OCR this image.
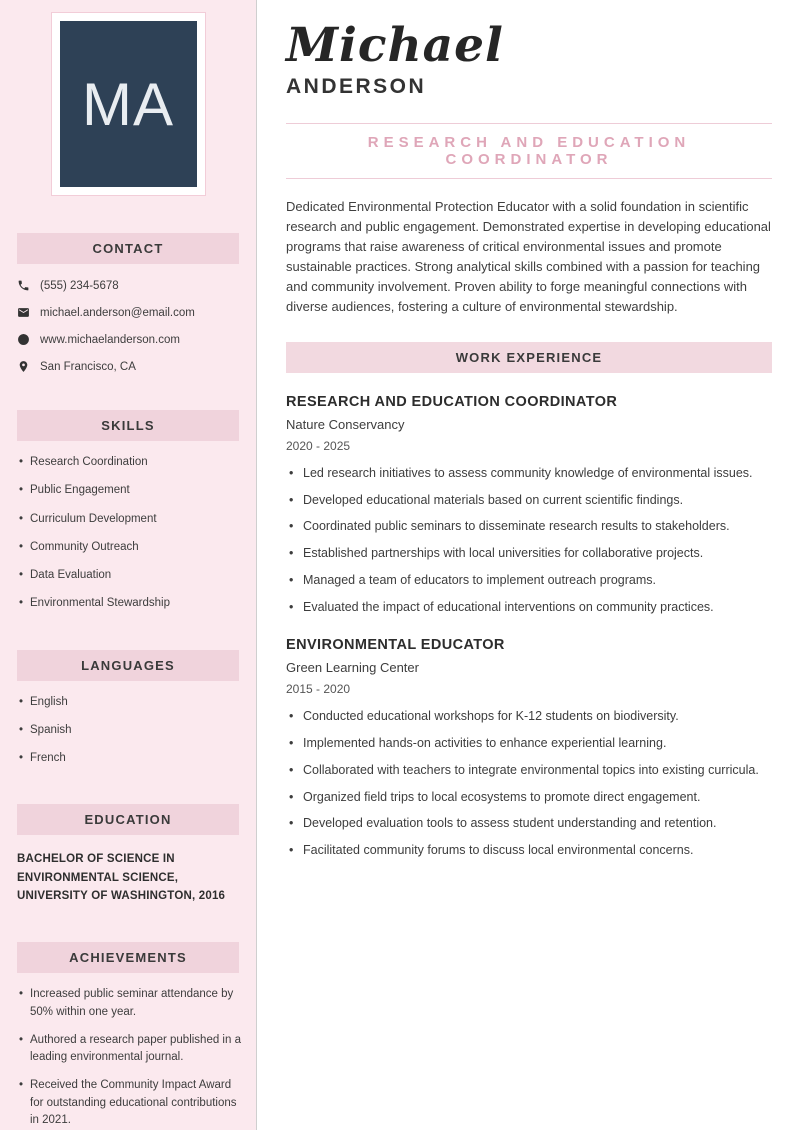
MA
CONTACT
(555) 234-5678
michael.anderson@email.com
www.michaelanderson.com
San Francisco, CA
SKILLS
• Research Coordination
• Public Engagement
• Curriculum Development
• Community Outreach
• Data Evaluation
• Environmental Stewardship
LANGUAGES
• English
• Spanish
• French
EDUCATION
BACHELOR OF SCIENCE IN ENVIRONMENTAL SCIENCE, UNIVERSITY OF WASHINGTON, 2016
ACHIEVEMENTS
• Increased public seminar attendance by 50% within one year.
• Authored a research paper published in a leading environmental journal.
• Received the Community Impact Award for outstanding educational contributions in 2021.
Michael
ANDERSON
RESEARCH AND EDUCATION COORDINATOR

Dedicated Environmental Protection Educator with a solid foundation in scientific research and public engagement. Demonstrated expertise in developing educational programs that raise awareness of critical environmental issues and promote sustainable practices. Strong analytical skills combined with a passion for teaching and community involvement. Proven ability to forge meaningful connections with diverse audiences, fostering a culture of environmental stewardship.

WORK EXPERIENCE
RESEARCH AND EDUCATION COORDINATOR
Nature Conservancy
2020 - 2025
• Led research initiatives to assess community knowledge of environmental issues.
• Developed educational materials based on current scientific findings.
• Coordinated public seminars to disseminate research results to stakeholders.
• Established partnerships with local universities for collaborative projects.
• Managed a team of educators to implement outreach programs.
• Evaluated the impact of educational interventions on community practices.
ENVIRONMENTAL EDUCATOR
Green Learning Center
2015 - 2020
• Conducted educational workshops for K-12 students on biodiversity.
• Implemented hands-on activities to enhance experiential learning.
• Collaborated with teachers to integrate environmental topics into existing curricula.
• Organized field trips to local ecosystems to promote direct engagement.
• Developed evaluation tools to assess student understanding and retention.
• Facilitated community forums to discuss local environmental concerns.
